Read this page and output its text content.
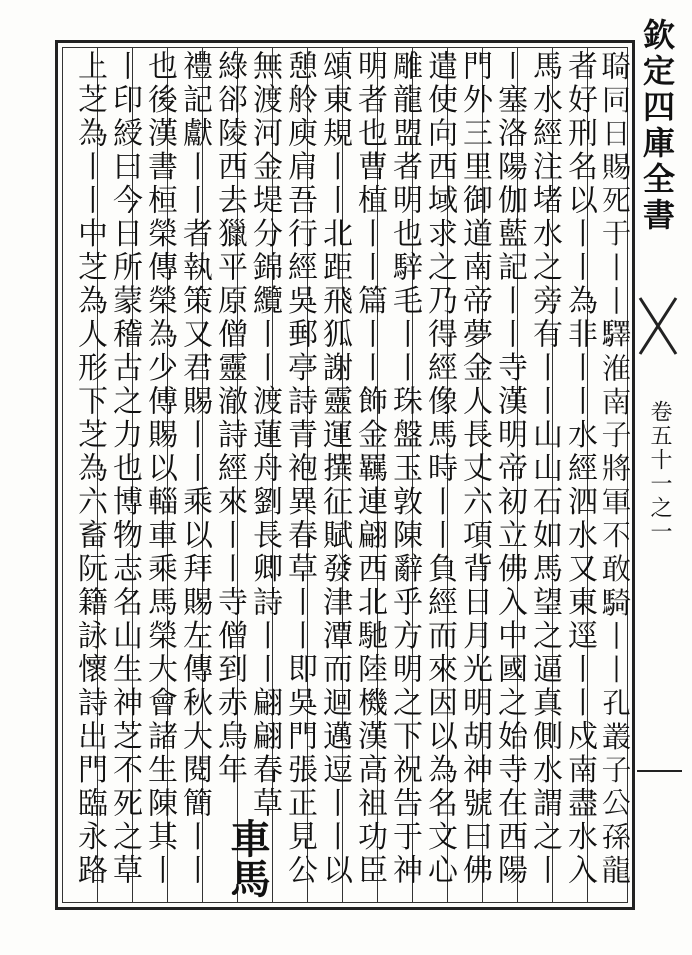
𦖊同日賜死于丨丨驛淮南子將軍不敢騎丨丨孔叢子公孫龍
者好刑名以丨丨為非丨丨水經泗水又東逕丨丨戍南盡水入
馬水經注堵水之旁有丨丨山山石如馬望之逼真側水謂之丨
丨塞洛陽伽藍記丨丨寺漢明帝初立佛入中國之始寺在西陽
門外三里御道南帝夢金人長丈六項背日月光明胡神號曰佛
遣使向西域求之乃得經像馬時丨丨負經而來因以為名文心
雕龍盟者明也騂毛丨丨珠盤玉敦陳辭乎方明之下祝告于神
明者也曹植丨丨篇丨丨飾金羈連翩西北馳陸機漢高祖功臣
頌東規丨丨北距飛狐謝靈運撰征賦發津潭而迴邁逗丨丨以
憩舲庾肩吾行經吳郵亭詩青袍異春草丨丨即吳門張正見公
無渡河金堤分錦纜丨丨渡蓮舟劉長卿詩丨丨翩翩春草
綠郤陵西去獵平原僧靈澈詩經來丨丨寺僧到赤烏年
禮記獻丨丨者執策又君賜丨丨乘以拜賜左傳秋大閱簡丨丨
也後漢書桓榮傳榮為少傅賜以輜車乘馬榮大會諸生陳其丨
丨印綬曰今日所蒙稽古之力也博物志名山生神芝不死之草
上芝為丨丨中芝為人形下芝為六畜阮籍詠懷詩出門臨永路	車馬
欽定四庫全書
卷五十一之一
